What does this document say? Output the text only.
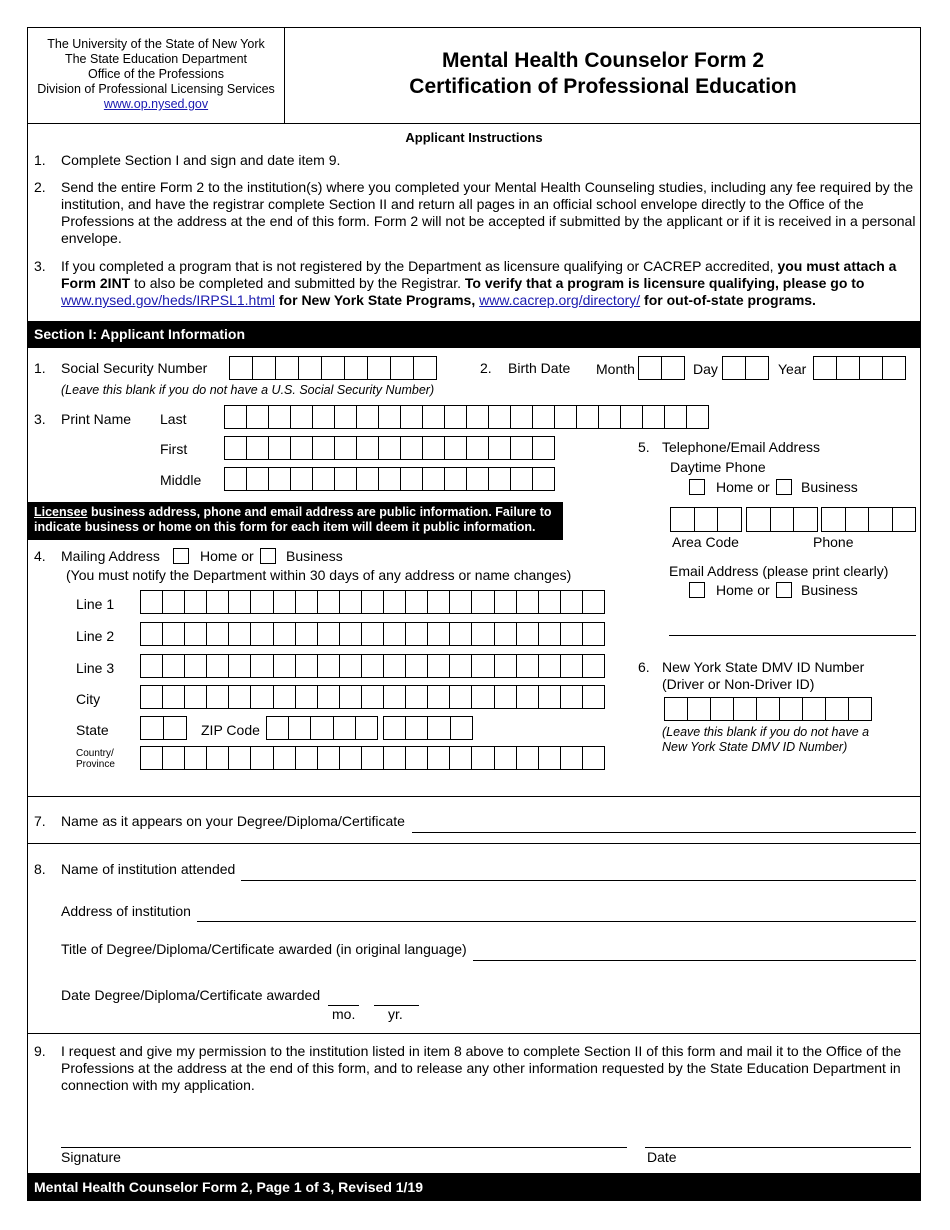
The University of the State of New York
The State Education Department
Office of the Professions
Division of Professional Licensing Services
www.op.nysed.gov
Mental Health Counselor Form 2
Certification of Professional Education
Applicant Instructions
1. Complete Section I and sign and date item 9.
2. Send the entire Form 2 to the institution(s) where you completed your Mental Health Counseling studies, including any fee required by the institution, and have the registrar complete Section II and return all pages in an official school envelope directly to the Office of the Professions at the address at the end of this form. Form 2 will not be accepted if submitted by the applicant or if it is received in a personal envelope.
3. If you completed a program that is not registered by the Department as licensure qualifying or CACREP accredited, you must attach a Form 2INT to also be completed and submitted by the Registrar. To verify that a program is licensure qualifying, please go to
www.nysed.gov/heds/IRPSL1.html for New York State Programs, www.cacrep.org/directory/ for out-of-state programs.
Section I: Applicant Information
1. Social Security Number
(Leave this blank if you do not have a U.S. Social Security Number)
2. Birth Date Month	Day	Year
3. Print Name Last
First
Middle
Licensee business address, phone and email address are public information. Failure to indicate business or home on this form for each item will deem it public information.
4. Mailing Address	Home or Business
(You must notify the Department within 30 days of any address or name changes)
Line 1
Line 2
Line 3
City
State	ZIP Code
Country/
Province
5. Telephone/Email Address
Daytime Phone
Home or Business
Area Code	Phone
Email Address (please print clearly)
Home or Business
6. New York State DMV ID Number
(Driver or Non-Driver ID)
(Leave this blank if you do not have a
New York State DMV ID Number)
7. Name as it appears on your Degree/Diploma/Certificate
8. Name of institution attended
Address of institution
Title of Degree/Diploma/Certificate awarded (in original language)
Date Degree/Diploma/Certificate awarded
mo. yr.
9. I request and give my permission to the institution listed in item 8 above to complete Section II of this form and mail it to the Office of the Professions at the address at the end of this form, and to release any other information requested by the State Education Department in connection with my application.
Signature	Date
Mental Health Counselor Form 2, Page 1 of 3, Revised 1/19
